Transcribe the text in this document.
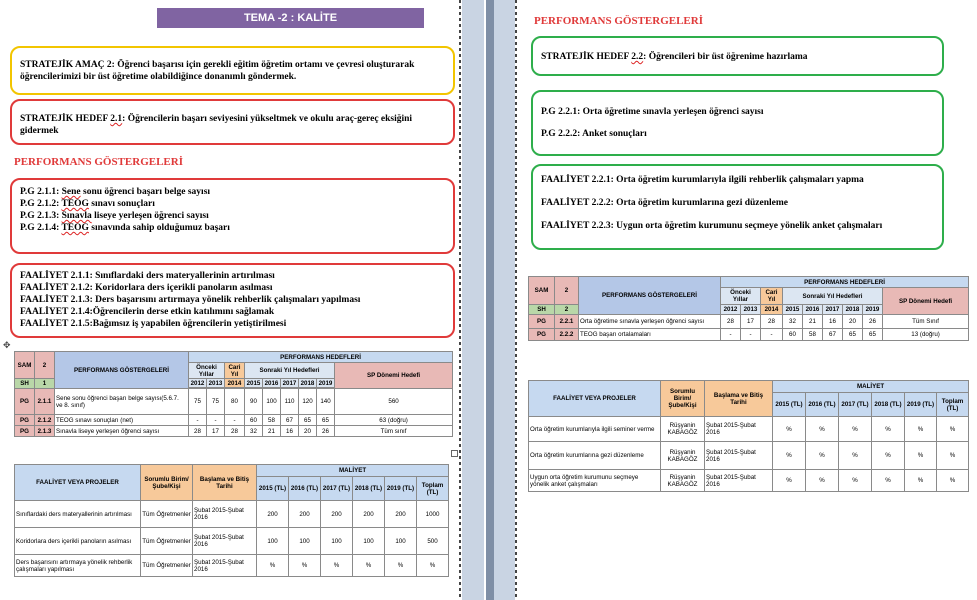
TEMA -2 : KALİTE
STRATEJİK AMAÇ 2: Öğrenci başarısı için gerekli eğitim öğretim ortamı ve çevresi oluşturarak öğrencilerimizi bir üst öğretime olabildiğince donanımlı göndermek.
STRATEJİK HEDEF 2.1: Öğrencilerin başarı seviyesini yükseltmek ve okulu araç-gereç eksiğini gidermek
PERFORMANS GÖSTERGELERİ
P.G 2.1.1: Sene sonu öğrenci başarı belge sayısı
P.G 2.1.2: TEOG sınavı sonuçları
P.G 2.1.3: Sınavla liseye yerleşen öğrenci sayısı
P.G 2.1.4: TEOG sınavında sahip olduğumuz başarı
FAALİYET 2.1.1: Sınıflardaki ders materyallerinin artırılması
FAALİYET 2.1.2: Koridorlara ders içerikli panoların asılması
FAALİYET 2.1.3: Ders başarısını artırmaya yönelik rehberlik çalışmaları yapılması
FAALİYET 2.1.4:Öğrencilerin derse etkin katılımını sağlamak
FAALİYET 2.1.5:Bağımsız iş yapabilen öğrencilerin yetiştirilmesi
✥
SAM	2	PERFORMANS GÖSTERGELERİ	PERFORMANS HEDEFLERİ								
			Önceki Yıllar		Cari Yıl	Sonraki Yıl Hedefleri					SP Dönemi Hedefi
SH	1		2012	2013	2014	2015	2016	2017	2018	2019	

PG	2.1.1	Sene sonu öğrenci başarı belge sayısı(5.6.7. ve 8. sınıf)	75	75	80	90	100	110	120	140	560
PG	2.1.2	TEOG sınavı sonuçları (net)	-	-	-	60	58	67	65	65	63 (doğru)
PG	2.1.3	Sınavla liseye yerleşen öğrenci sayısı	28	17	28	32	21	16	20	26	Tüm sınıf
FAALİYET VEYA PROJELER	Sorumlu Birim/Şube/Kişi	Başlama ve Bitiş Tarihi	MALİYET					
			2015 (TL)	2016 (TL)	2017 (TL)	2018 (TL)	2019 (TL)	Toplam (TL)
Sınıflardaki ders materyallerinin artırılması	Tüm Öğretmenler	Şubat 2015-Şubat 2016	200	200	200	200	200	1000
Koridorlara ders içerikli panoların asılması	Tüm Öğretmenler	Şubat 2015-Şubat 2016	100	100	100	100	100	500
Ders başarısını artırmaya yönelik rehberlik çalışmaları yapılması	Tüm Öğretmenler	Şubat 2015-Şubat 2016	%	%	%	%	%	%
PERFORMANS GÖSTERGELERİ
STRATEJİK HEDEF 2.2: Öğrencileri bir üst öğrenime hazırlama
P.G 2.2.1: Orta öğretime sınavla yerleşen öğrenci sayısı
P.G 2.2.2: Anket sonuçları
FAALİYET 2.2.1: Orta öğretim kurumlarıyla ilgili rehberlik çalışmaları yapma
FAALİYET 2.2.2: Orta öğretim kurumlarına gezi düzenleme
FAALİYET 2.2.3: Uygun orta öğretim kurumunu seçmeye yönelik anket çalışmaları
SAM	2	PERFORMANS GÖSTERGELERİ	PERFORMANS HEDEFLERİ								
			Önceki Yıllar		Cari Yıl	Sonraki Yıl Hedefleri					SP Dönemi Hedefi
SH	2		2012	2013	2014	2015	2016	2017	2018	2019	
PG	2.2.1	Orta öğretime sınavla yerleşen öğrenci sayısı	28	17	28	32	21	16	20	26	Tüm Sınıf
PG	2.2.2	TEOG başarı ortalamaları	-	-	-	60	58	67	65	65	13 (doğru)
FAALİYET VEYA PROJELER	Sorumlu Birim/Şube/Kişi	Başlama ve Bitiş Tarihi	MALİYET					
			2015 (TL)	2016 (TL)	2017 (TL)	2018 (TL)	2019 (TL)	Toplam (TL)
Orta öğretim kurumlarıyla ilgili seminer verme	Rüşyanin KABAGÖZ	Şubat 2015-Şubat 2016	%	%	%	%	%	%
Orta öğretim kurumlarına gezi düzenleme	Rüşyanin KABAGÖZ	Şubat 2015-Şubat 2016	%	%	%	%	%	%
Uygun orta öğretim kurumunu seçmeye yönelik anket çalışmaları	Rüşyanin KABAGÖZ	Şubat 2015-Şubat 2016	%	%	%	%	%	%
